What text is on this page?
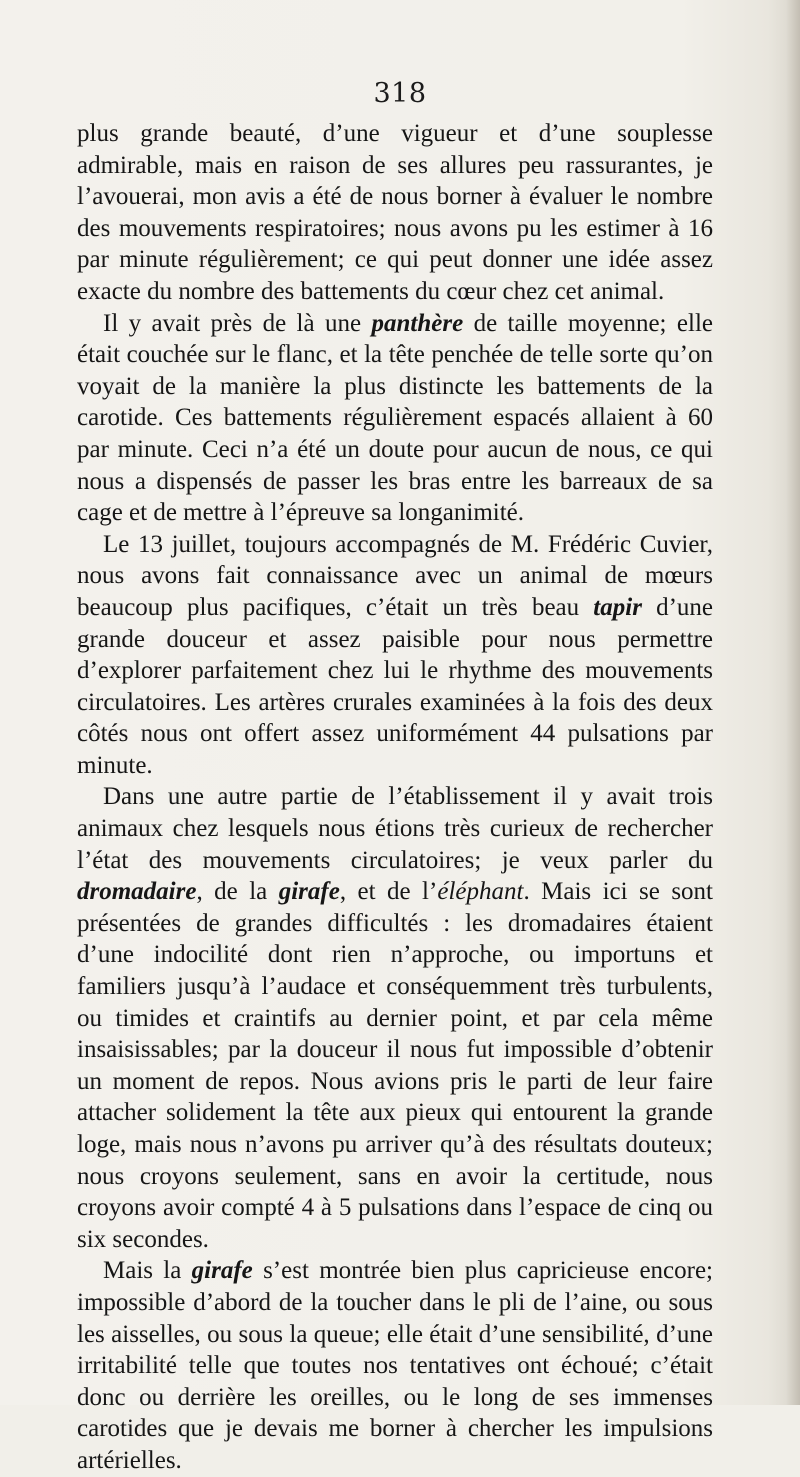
318

plus grande beauté, d’une vigueur et d’une souplesse admirable, mais en raison de ses allures peu rassurantes, je l’avouerai, mon avis a été de nous borner à évaluer le nombre des mouvements respiratoires; nous avons pu les estimer à 16 par minute régulièrement; ce qui peut donner une idée assez exacte du nombre des battements du cœur chez cet animal.

Il y avait près de là une panthère de taille moyenne; elle était couchée sur le flanc, et la tête penchée de telle sorte qu’on voyait de la manière la plus distincte les battements de la carotide. Ces battements régulièrement espacés allaient à 60 par minute. Ceci n’a été un doute pour aucun de nous, ce qui nous a dispensés de passer les bras entre les barreaux de sa cage et de mettre à l’épreuve sa longanimité.

Le 13 juillet, toujours accompagnés de M. Frédéric Cuvier, nous avons fait connaissance avec un animal de mœurs beaucoup plus pacifiques, c’était un très beau tapir d’une grande douceur et assez paisible pour nous permettre d’explorer parfaitement chez lui le rhythme des mouvements circulatoires. Les artères crurales examinées à la fois des deux côtés nous ont offert assez uniformément 44 pulsations par minute.

Dans une autre partie de l’établissement il y avait trois animaux chez lesquels nous étions très curieux de rechercher l’état des mouvements circulatoires; je veux parler du dromadaire, de la girafe, et de l’éléphant. Mais ici se sont présentées de grandes difficultés : les dromadaires étaient d’une indocilité dont rien n’approche, ou importuns et familiers jusqu’à l’audace et conséquemment très turbulents, ou timides et craintifs au dernier point, et par cela même insaisissables; par la douceur il nous fut impossible d’obtenir un moment de repos. Nous avions pris le parti de leur faire attacher solidement la tête aux pieux qui entourent la grande loge, mais nous n’avons pu arriver qu’à des résultats douteux; nous croyons seulement, sans en avoir la certitude, nous croyons avoir compté 4 à 5 pulsations dans l’espace de cinq ou six secondes.

Mais la girafe s’est montrée bien plus capricieuse encore; impossible d’abord de la toucher dans le pli de l’aine, ou sous les aisselles, ou sous la queue; elle était d’une sensibilité, d’une irritabilité telle que toutes nos tentatives ont échoué; c’était donc ou derrière les oreilles, ou le long de ses immenses carotides que je devais me borner à chercher les impulsions artérielles.
